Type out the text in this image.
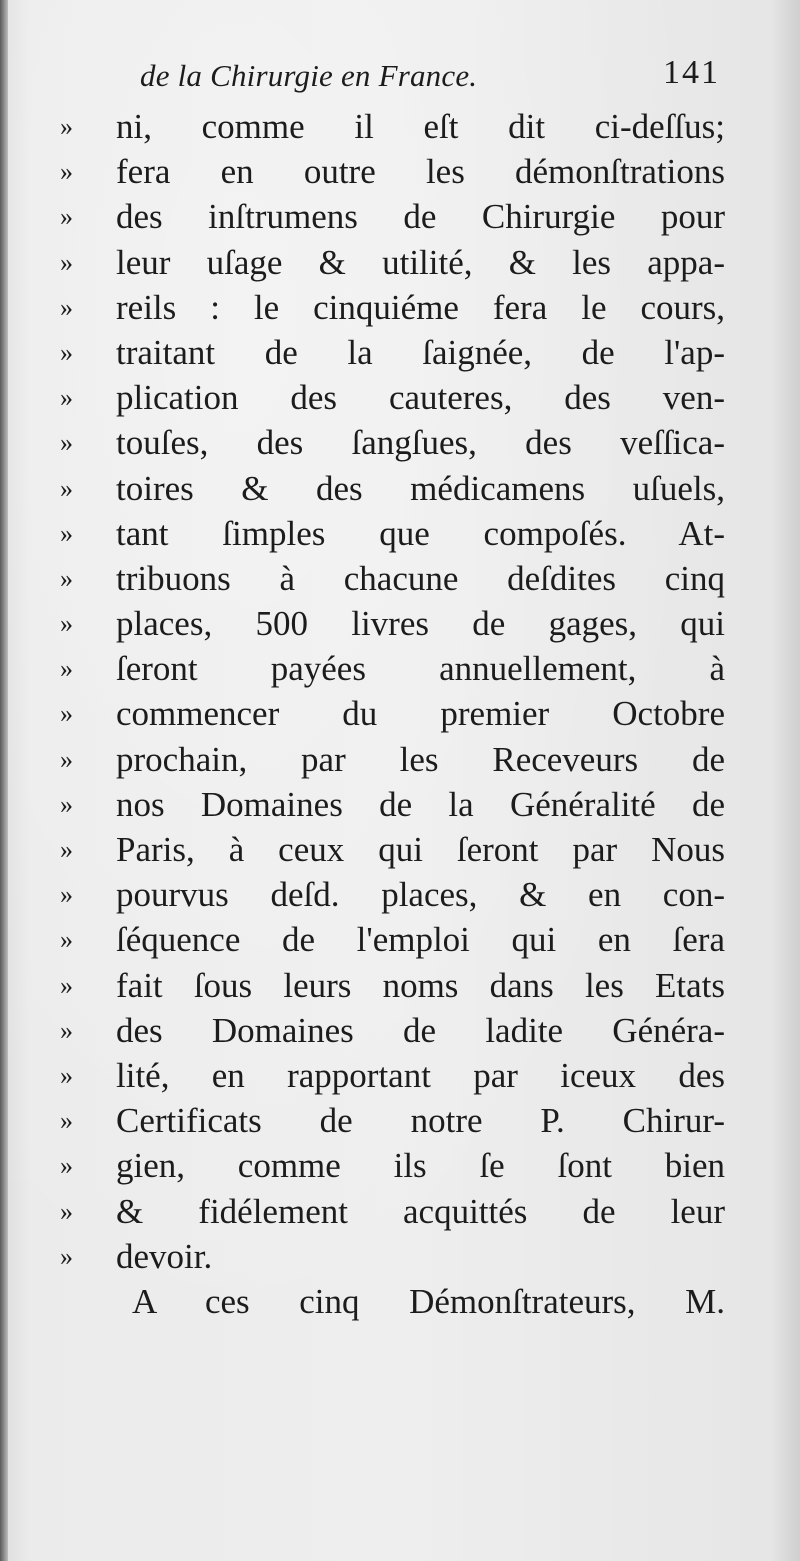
de la Chirurgie en France.	141
»	ni, comme il eſt dit ci-deſſus;
»	fera en outre les démonſtrations
»	des inſtrumens de Chirurgie pour
»	leur uſage & utilité, & les appa-
»	reils : le cinquiéme fera le cours,
»	traitant de la ſaignée, de l'ap-
»	plication des cauteres, des ven-
»	touſes, des ſangſues, des veſſica-
»	toires & des médicamens uſuels,
»	tant ſimples que compoſés. At-
»	tribuons à chacune deſdites cinq
»	places, 500 livres de gages, qui
»	ſeront payées annuellement, à
»	commencer du premier Octobre
»	prochain, par les Receveurs de
»	nos Domaines de la Généralité de
»	Paris, à ceux qui ſeront par Nous
»	pourvus deſd. places, & en con-
»	ſéquence de l'emploi qui en ſera
»	fait ſous leurs noms dans les Etats
»	des Domaines de ladite Généra-
»	lité, en rapportant par iceux des
»	Certificats de notre P. Chirur-
»	gien, comme ils ſe ſont bien
»	& fidélement acquittés de leur
»	devoir.
A ces cinq Démonſtrateurs, M.
